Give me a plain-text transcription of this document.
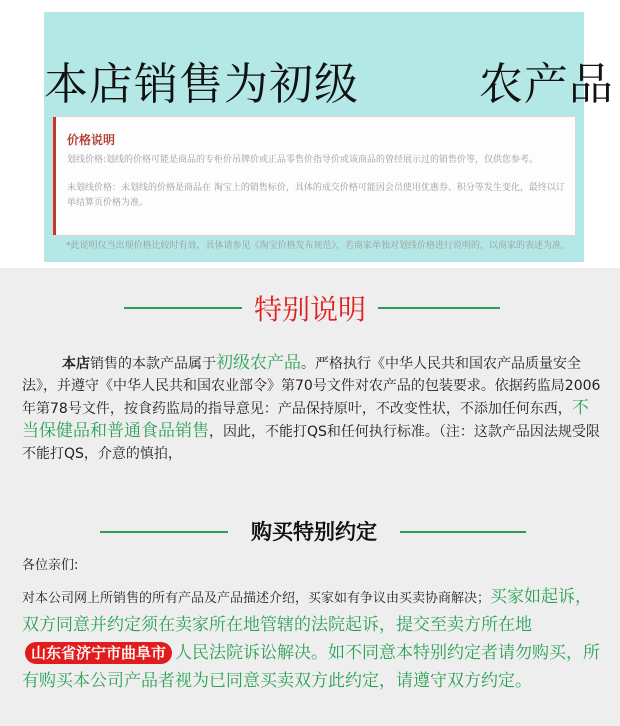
本店销售为初级        农产品
价格说明
划线价格:划线的价格可能是商品的专柜价吊牌价或正品零售价指导价或该商品的曾经展示过的销售价等，仅供您参考。
未划线价格：未划线的价格是商品在 淘宝上的销售标价，具体的成交价格可能因会员使用优惠券、积分等发生变化，最终以订单结算页价格为准。
*此说明仅当出现价格比较时有效，具体请参见《淘宝价格发布规范》，若商家单独对划线价格进行说明的，以商家的表述为准。
特别说明
本店销售的本款产品属于初级农产品。严格执行《中华人民共和国农产品质量安全法》，并遵守《中华人民共和国农业部令》第70号文件对农产品的包装要求。依据药监局2006年第78号文件，按食药监局的指导意见：产品保持原叶，不改变性状，不添加任何东西，不当保健品和普通食品销售，因此，不能打QS和任何执行标准。（注：这款产品因法规受限不能打QS，介意的慎拍，
购买特别约定
各位亲们:
对本公司网上所销售的所有产品及产品描述介绍，买家如有争议由买卖协商解决；买家如起诉，双方同意并约定须在卖家所在地管辖的法院起诉，提交至卖方所在地山东省济宁市曲阜市 人民法院诉讼解决。如不同意本特别约定者请勿购买，所有购买本公司产品者视为已同意买卖双方此约定，请遵守双方约定。
